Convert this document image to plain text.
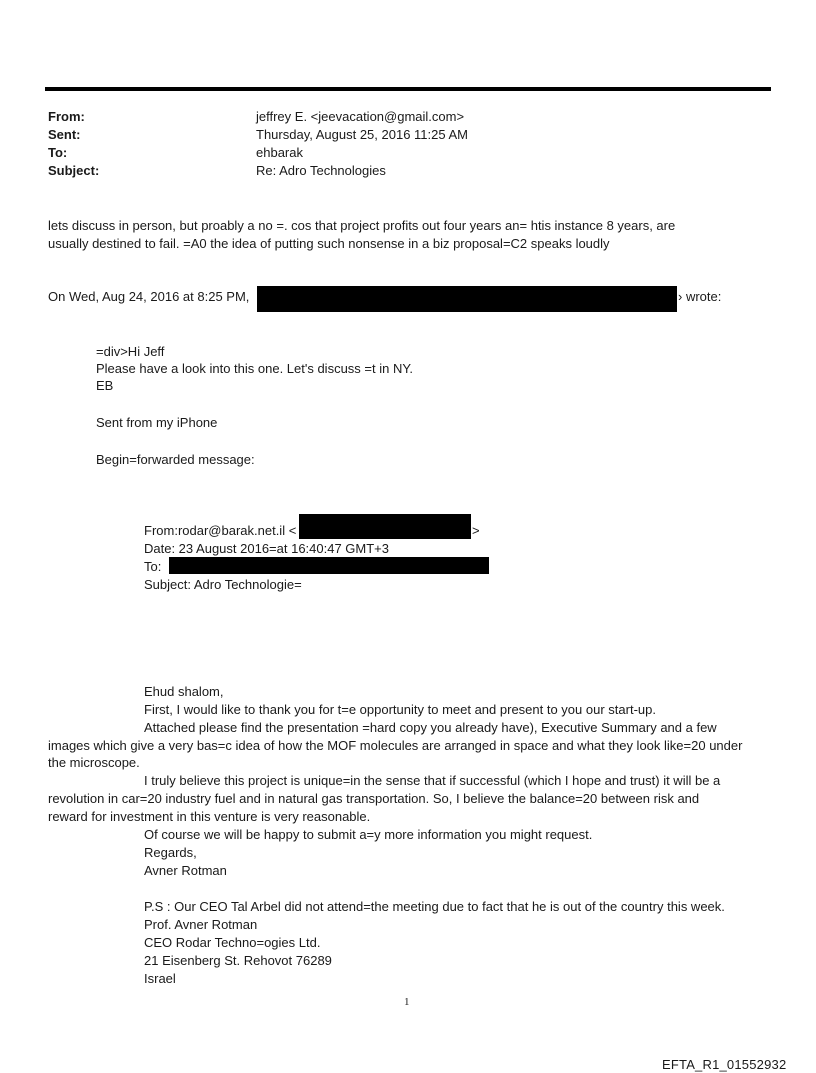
From:	jeffrey E. <jeevacation@gmail.com>
Sent:	Thursday, August 25, 2016 11:25 AM
To:	ehbarak
Subject:	Re: Adro Technologies
lets discuss in person, but proably a no =. cos that project profits out four years an= htis instance 8 years, are
usually destined to fail. =A0 the idea of putting such nonsense in a biz proposal=C2 speaks loudly
On Wed, Aug 24, 2016 at 8:25 PM,	› wrote:
=div>Hi Jeff
Please have a look into this one. Let's discuss =t in NY.
EB
Sent from my iPhone
Begin=forwarded message:
From:rodar@barak.net.il <	>
Date: 23 August 2016=at 16:40:47 GMT+3
To:
Subject: Adro Technologie=
Ehud shalom,
First, I would like to thank you for t=e opportunity to meet and present to you our start-up.
Attached please find the presentation =hard copy you already have), Executive Summary and a few
images which give a very bas=c idea of how the MOF molecules are arranged in space and what they look like=20 under
the microscope.
I truly believe this project is unique=in the sense that if successful (which I hope and trust) it will be a
revolution in car=20 industry fuel and in natural gas transportation. So, I believe the balance=20 between risk and
reward for investment in this venture is very reasonable.
Of course we will be happy to submit a=y more information you might request.
Regards,
Avner Rotman
P.S : Our CEO Tal Arbel did not attend=the meeting due to fact that he is out of the country this week.
Prof. Avner Rotman
CEO Rodar Techno=ogies Ltd.
21 Eisenberg St. Rehovot 76289
Israel
1
EFTA_R1_01552932
